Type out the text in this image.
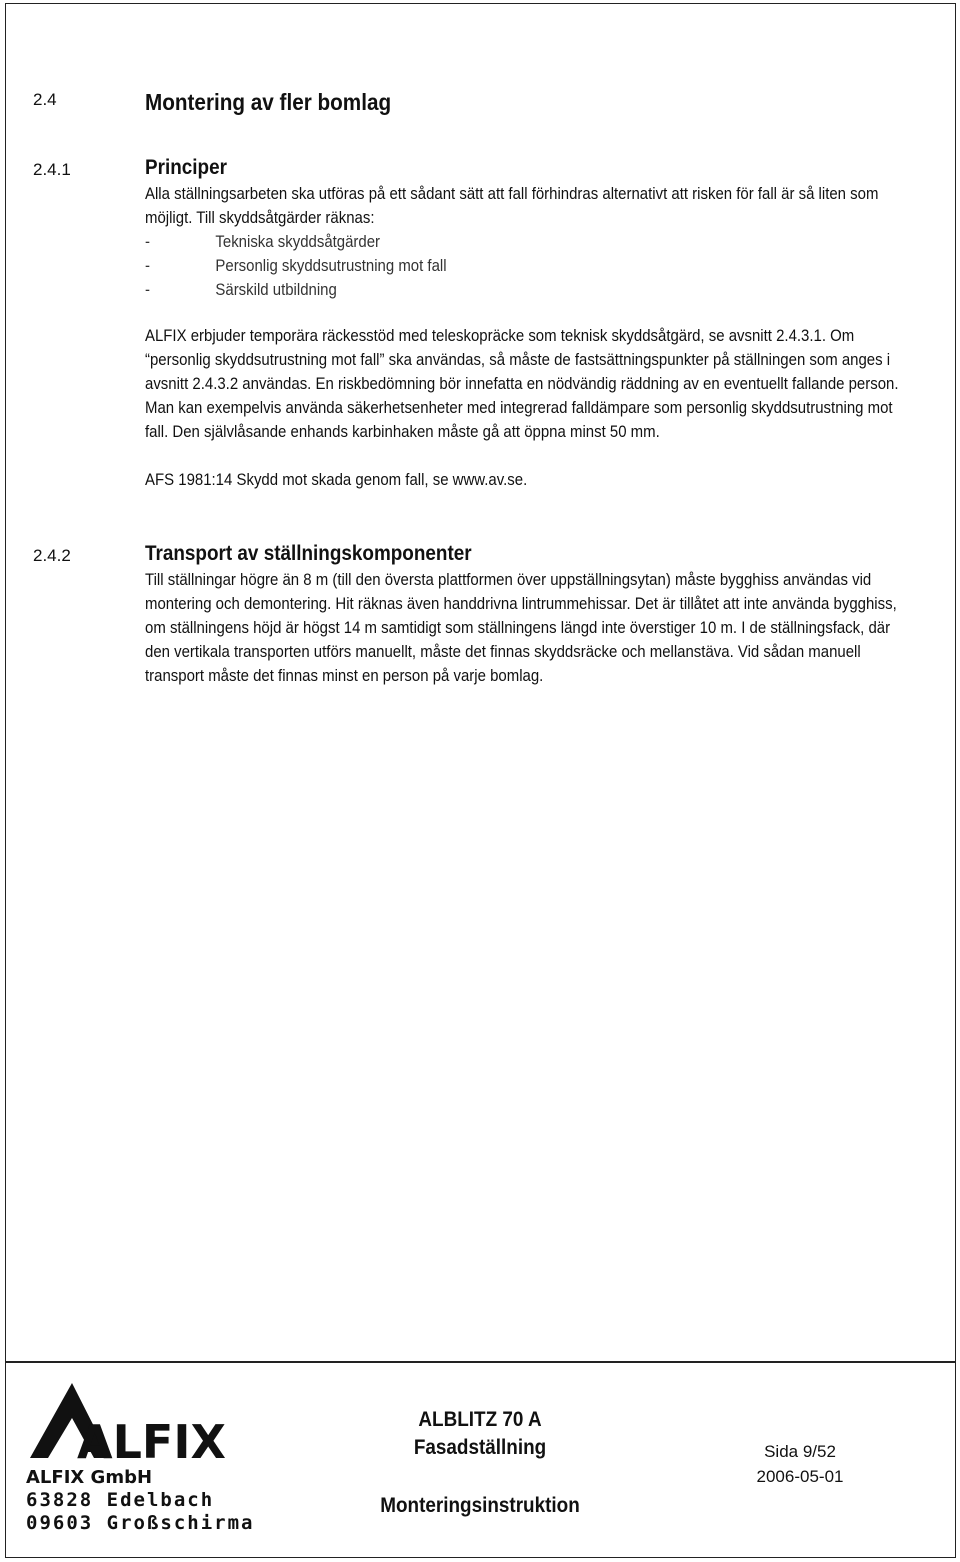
2.4	Montering av fler bomlag
2.4.1	Principer

Alla ställningsarbeten ska utföras på ett sådant sätt att fall förhindras alternativt att risken för fall är så liten som möjligt. Till skyddsåtgärder räknas:

-	Tekniska skyddsåtgärder
-	Personlig skyddsutrustning mot fall
-	Särskild utbildning

ALFIX erbjuder temporära räckesstöd med teleskopräcke som teknisk skyddsåtgärd, se avsnitt 2.4.3.1. Om “personlig skyddsutrustning mot fall” ska användas, så måste de fastsättningspunkter på ställningen som anges i avsnitt 2.4.3.2 användas. En riskbedömning bör innefatta en nödvändig räddning av en eventuellt fallande person. Man kan exempelvis använda säkerhetsenheter med integrerad falldämpare som personlig skyddsutrustning mot fall. Den självlåsande enhands karbinhaken måste gå att öppna minst 50 mm.

AFS 1981:14 Skydd mot skada genom fall, se www.av.se.

2.4.2	Transport av ställningskomponenter

Till ställningar högre än 8 m (till den översta plattformen över uppställningsytan) måste bygghiss användas vid montering och demontering. Hit räknas även handdrivna lintrummehissar. Det är tillåtet att inte använda bygghiss, om ställningens höjd är högst 14 m samtidigt som ställningens längd inte överstiger 10 m. I de ställningsfack, där den vertikala transporten utförs manuellt, måste det finnas skyddsräcke och mellanstäva. Vid sådan manuell transport måste det finnas minst en person på varje bomlag.

ALFIX
ALFIX GmbH
63828 Edelbach
09603 Großschirma
ALBLITZ 70 A
Fasadställning
Monteringsinstruktion
Sida 9/52
2006-05-01
